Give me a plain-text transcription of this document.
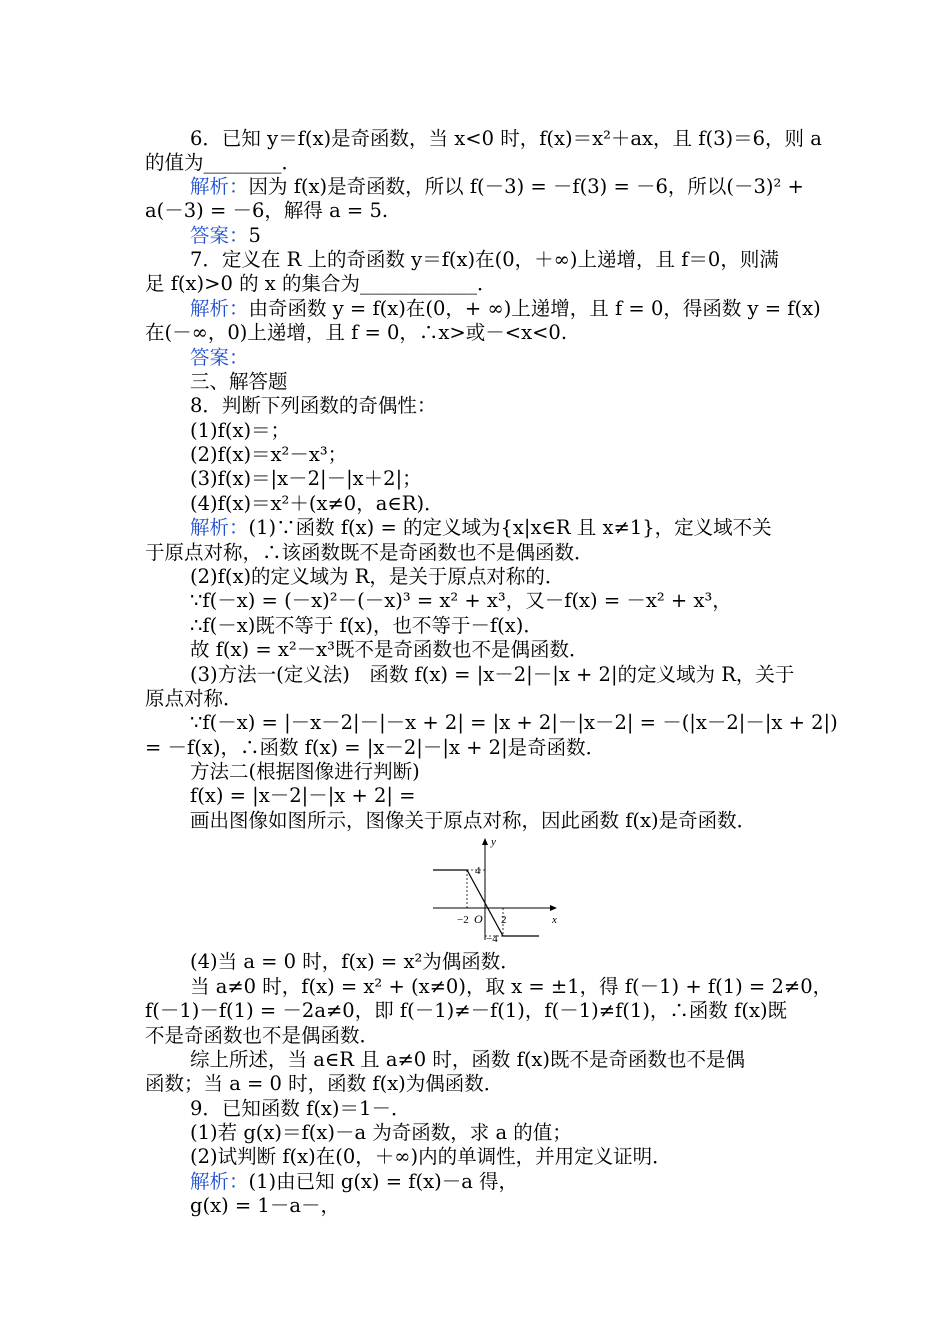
6．已知 y＝f(x)是奇函数，当 x<0 时，f(x)＝x²＋ax，且 f(3)＝6，则 a
的值为________．
解析：因为 f(x)是奇函数，所以 f(－3) = －f(3) = －6，所以(－3)² +
a(－3) = －6，解得 a = 5.
答案：5
7．定义在 R 上的奇函数 y＝f(x)在(0，＋∞)上递增，且 f＝0，则满
足 f(x)>0 的 x 的集合为____________．
解析：由奇函数 y = f(x)在(0，+ ∞)上递增，且 f = 0，得函数 y = f(x)
在(－∞，0)上递增，且 f = 0，∴x>或－<x<0.
答案：
三、解答题
8．判断下列函数的奇偶性：
(1)f(x)＝；
(2)f(x)＝x²－x³；
(3)f(x)＝|x－2|－|x＋2|；
(4)f(x)＝x²＋(x≠0，a∈R)．
解析：(1)∵函数 f(x) = 的定义域为{x|x∈R 且 x≠1}，定义域不关
于原点对称，∴该函数既不是奇函数也不是偶函数．
(2)f(x)的定义域为 R，是关于原点对称的．
∵f(－x) = (－x)²－(－x)³ = x² + x³，又－f(x) = －x² + x³，
∴f(－x)既不等于 f(x)，也不等于－f(x)．
故 f(x) = x²－x³既不是奇函数也不是偶函数．
(3)方法一(定义法)　函数 f(x) = |x－2|－|x + 2|的定义域为 R，关于
原点对称．
∵f(－x) = |－x－2|－|－x + 2| = |x + 2|－|x－2| = －(|x－2|－|x + 2|)
= －f(x)，∴函数 f(x) = |x－2|－|x + 2|是奇函数．
方法二(根据图像进行判断)
f(x) = |x－2|－|x + 2| =
画出图像如图所示，图像关于原点对称，因此函数 f(x)是奇函数．
y
x
O
4
−4
−2	2
(4)当 a = 0 时，f(x) = x²为偶函数．
当 a≠0 时，f(x) = x² + (x≠0)，取 x = ±1，得 f(－1) + f(1) = 2≠0，
f(－1)－f(1) = －2a≠0，即 f(－1)≠－f(1)，f(－1)≠f(1)，∴函数 f(x)既
不是奇函数也不是偶函数．
综上所述，当 a∈R 且 a≠0 时，函数 f(x)既不是奇函数也不是偶
函数；当 a = 0 时，函数 f(x)为偶函数．
9．已知函数 f(x)＝1－．
(1)若 g(x)＝f(x)－a 为奇函数，求 a 的值；
(2)试判断 f(x)在(0，＋∞)内的单调性，并用定义证明．
解析：(1)由已知 g(x) = f(x)－a 得，
g(x) = 1－a－，
